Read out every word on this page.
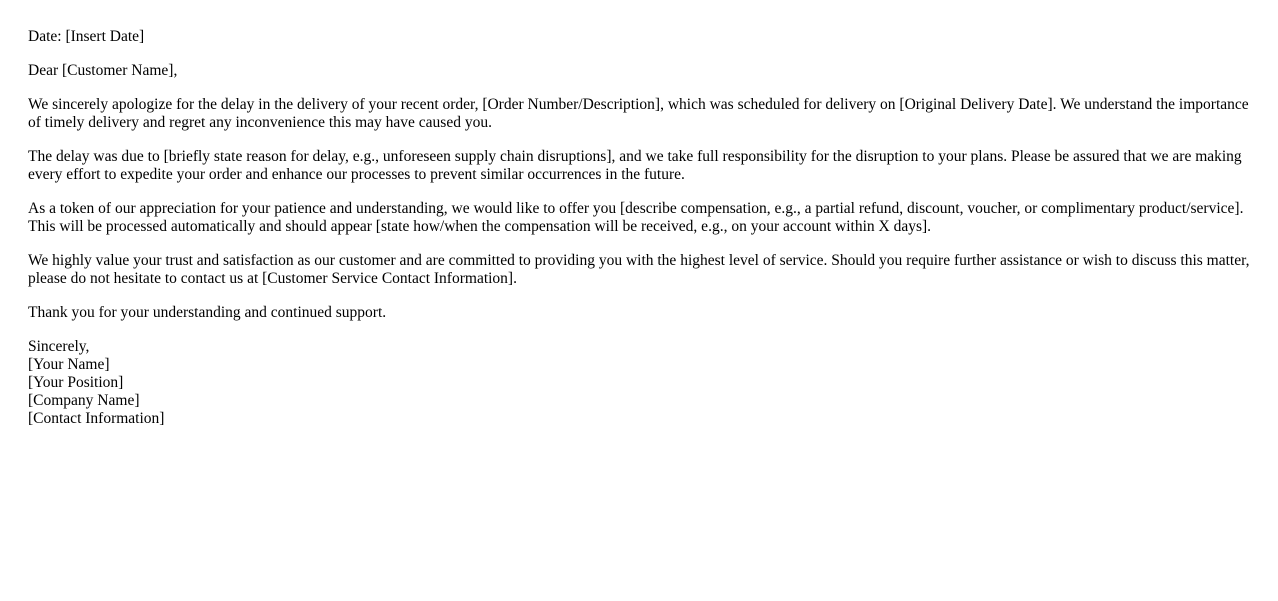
Date: [Insert Date]

Dear [Customer Name],

We sincerely apologize for the delay in the delivery of your recent order, [Order Number/Description], which was scheduled for delivery on [Original Delivery Date]. We understand the importance of timely delivery and regret any inconvenience this may have caused you.

The delay was due to [briefly state reason for delay, e.g., unforeseen supply chain disruptions], and we take full responsibility for the disruption to your plans. Please be assured that we are making every effort to expedite your order and enhance our processes to prevent similar occurrences in the future.

As a token of our appreciation for your patience and understanding, we would like to offer you [describe compensation, e.g., a partial refund, discount, voucher, or complimentary product/service]. This will be processed automatically and should appear [state how/when the compensation will be received, e.g., on your account within X days].

We highly value your trust and satisfaction as our customer and are committed to providing you with the highest level of service. Should you require further assistance or wish to discuss this matter, please do not hesitate to contact us at [Customer Service Contact Information].

Thank you for your understanding and continued support.

Sincerely,

[Your Name]

[Your Position]

[Company Name]

[Contact Information]
